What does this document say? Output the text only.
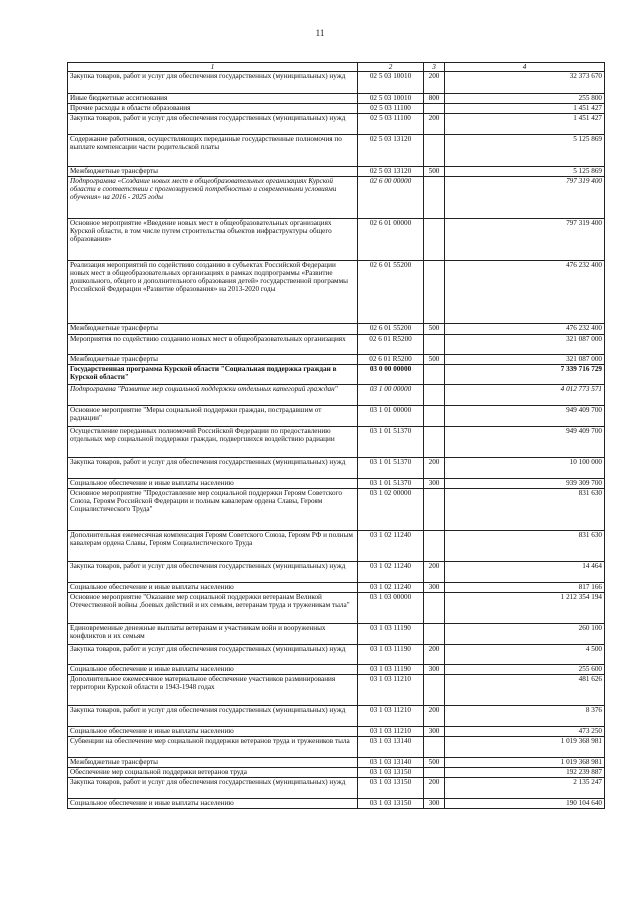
11
1	2	3	4
Закупка товаров, работ и услуг для обеспечения государственных (муниципальных) нужд	02 5 03 10010	200	32 373 670
Иные бюджетные ассигнования	02 5 03 10010	800	255 800
Прочие расходы в области образования	02 5 03 11100		1 451 427
Закупка товаров, работ и услуг для обеспечения государственных (муниципальных) нужд	02 5 03 11100	200	1 451 427
Содержание работников, осуществляющих переданные государственные полномочия по выплате компенсации части родительской платы	02 5 03 13120		5 125 869
Межбюджетные трансферты	02 5 03 13120	500	5 125 869
Подпрограмма «Создание новых мест в общеобразовательных организациях Курской области в соответствии с прогнозируемой потребностью и современными условиями обучения» на 2016 - 2025 годы	02 6 00 00000		797 319 400
Основное мероприятие «Введение новых мест в общеобразовательных организациях Курской области, в том числе путем строительства объектов инфраструктуры общего образования»	02 6 01 00000		797 319 400
Реализация мероприятий по содействию созданию в субъектах Российской Федерации новых мест в общеобразовательных организациях в рамках подпрограммы «Развитие дошкольного, общего и дополнительного образования детей» государственной программы Российской Федерации «Развитие образования» на 2013-2020 годы	02 6 01 55200		476 232 400
Межбюджетные трансферты	02 6 01 55200	500	476 232 400
Мероприятия по содействию созданию новых мест в общеобразовательных организациях	02 6 01 R5200		321 087 000
Межбюджетные трансферты	02 6 01 R5200	500	321 087 000
Государственная программа Курской области "Социальная поддержка граждан в Курской области"	03 0 00 00000		7 339 716 729
Подпрограмма "Развитие мер социальной поддержки отдельных категорий граждан"	03 1 00 00000		4 012 773 571
Основное мероприятие "Меры социальной поддержки граждан, пострадавшим от радиации"	03 1 01 00000		949 409 700
Осуществление переданных полномочий Российской Федерации по предоставлению отдельных мер социальной поддержки граждан, подвергшихся воздействию радиации	03 1 01 51370		949 409 700
Закупка товаров, работ и услуг для обеспечения государственных (муниципальных) нужд	03 1 01 51370	200	10 100 000
Социальное обеспечение и иные выплаты населению	03 1 01 51370	300	939 309 700
Основное мероприятие "Предоставление мер социальной поддержки Героям Советского Союза, Героям Российской Федерации и полным кавалерам ордена Славы, Героям Социалистического Труда"	03 1 02 00000		831 630
Дополнительная ежемесячная компенсация Героям Советского Союза, Героям РФ и полным кавалерам ордена Славы, Героям Социалистического Труда	03 1 02 11240		831 630
Закупка товаров, работ и услуг для обеспечения государственных (муниципальных) нужд	03 1 02 11240	200	14 464
Социальное обеспечение и иные выплаты населению	03 1 02 11240	300	817 166
Основное мероприятие "Оказание мер социальной поддержки ветеранам Великой Отечественной войны ,боевых действий и их семьям, ветеранам труда и труженикам тыла"	03 1 03 00000		1 212 354 194
Единовременные денежные выплаты ветеранам и участникам войн и вооруженных конфликтов и их семьям	03 1 03 11190		260 100
Закупка товаров, работ и услуг для обеспечения государственных (муниципальных) нужд	03 1 03 11190	200	4 500
Социальное обеспечение и иные выплаты населению	03 1 03 11190	300	255 600
Дополнительное ежемесячное материальное обеспечение участников разминирования территории Курской области в 1943-1948 годах	03 1 03 11210		481 626
Закупка товаров, работ и услуг для обеспечения государственных (муниципальных) нужд	03 1 03 11210	200	8 376
Социальное обеспечение и иные выплаты населению	03 1 03 11210	300	473 250
Субвенции на обеспечение мер социальной поддержки ветеранов труда и тружеников тыла	03 1 03 13140		1 019 368 981
Межбюджетные трансферты	03 1 03 13140	500	1 019 368 981
Обеспечение мер социальной поддержки ветеранов труда	03 1 03 13150		192 239 887
Закупка товаров, работ и услуг для обеспечения государственных (муниципальных) нужд	03 1 03 13150	200	2 135 247
Социальное обеспечение и иные выплаты населению	03 1 03 13150	300	190 104 640
